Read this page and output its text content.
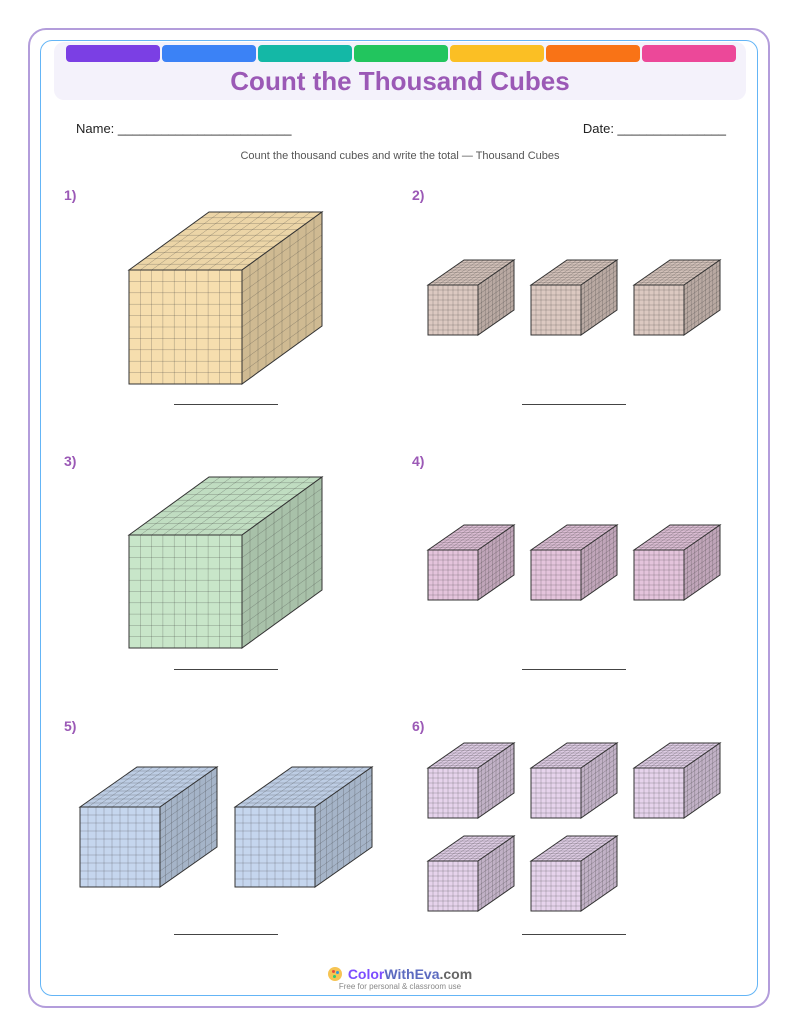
Count the Thousand Cubes
Name: ________________________	Date: _______________
Count the thousand cubes and write the total — Thousand Cubes
1)	2)
3)	4)
5)	6)
ColorWithEva.com
Free for personal & classroom use
